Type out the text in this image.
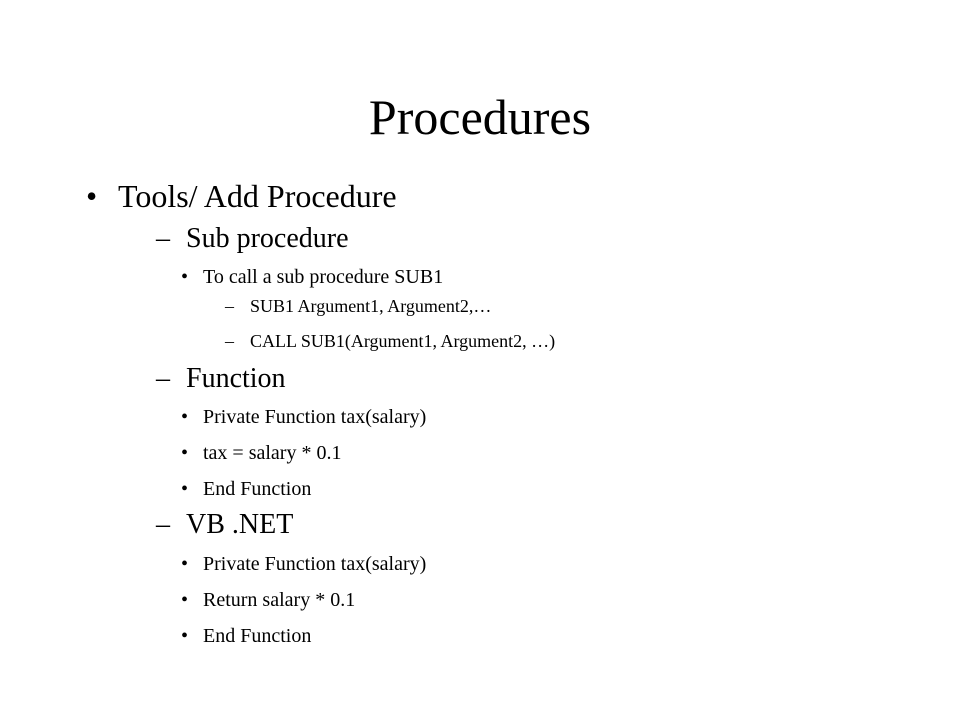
Procedures
• Tools/ Add Procedure
– Sub procedure
• To call a sub procedure SUB1
– SUB1 Argument1, Argument2,…
– CALL SUB1(Argument1, Argument2, …)
– Function
• Private Function tax(salary)
• tax = salary * 0.1
• End Function
– VB .NET
• Private Function tax(salary)
• Return salary * 0.1
• End Function
